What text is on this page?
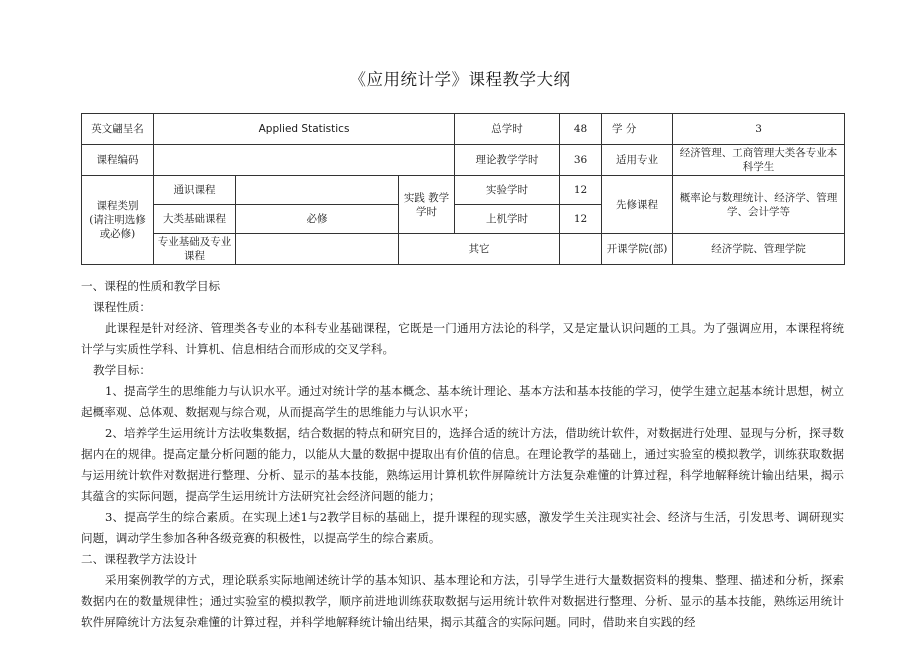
《应用统计学》课程教学大纲
英文翩呈名	Applied Statistics			总学时	48	学 分	3
课程编码				理论教学学时	36	适用专业	经济管理、工商管理大类各专业本科学生
课程类别
(请注明选修或必修)	通识课程		实践 教学学时	实验学时	12	先修课程	概率论与数理统计、经济学、管理学、会计学等
	大类基础课程	必修		上机学时	12		
	专业基础及专业课程		其它			开课学院(部)	经济学院、管理学院

一、课程的性质和教学目标

课程性质：

此课程是针对经济、管理类各专业的本科专业基础课程，它既是一门通用方法论的科学，又是定量认识问题的工具。为了强调应用，本课程将统计学与实质性学科、计算机、信息相结合而形成的交叉学科。

教学目标：

1、提高学生的思维能力与认识水平。通过对统计学的基本概念、基本统计理论、基本方法和基本技能的学习，使学生建立起基本统计思想，树立起概率观、总体观、数据观与综合观，从而提高学生的思维能力与认识水平；

2、培养学生运用统计方法收集数据，结合数据的特点和研究目的，选择合适的统计方法，借助统计软件，对数据进行处理、显现与分析，探寻数据内在的规律。提高定量分析问题的能力，以能从大量的数据中提取出有价值的信息。在理论教学的基础上，通过实验室的模拟教学，训练获取数据与运用统计软件对数据进行整理、分析、显示的基本技能，熟练运用计算机软件屏障统计方法复杂难懂的计算过程，科学地解释统计输出结果，揭示其蕴含的实际问题，提高学生运用统计方法研究社会经济问题的能力；

3、提高学生的综合素质。在实现上述1与2教学目标的基础上，提升课程的现实感，激发学生关注现实社会、经济与生活，引发思考、调研现实问题，调动学生参加各种各级竞赛的积极性，以提高学生的综合素质。

二、课程教学方法设计

采用案例教学的方式，理论联系实际地阐述统计学的基本知识、基本理论和方法，引导学生进行大量数据资料的搜集、整理、描述和分析，探索数据内在的数量规律性；通过实验室的模拟教学，顺序前进地训练获取数据与运用统计软件对数据进行整理、分析、显示的基本技能，熟练运用统计软件屏障统计方法复杂难懂的计算过程，并科学地解释统计输出结果，揭示其蕴含的实际问题。同时，借助来自实践的经
